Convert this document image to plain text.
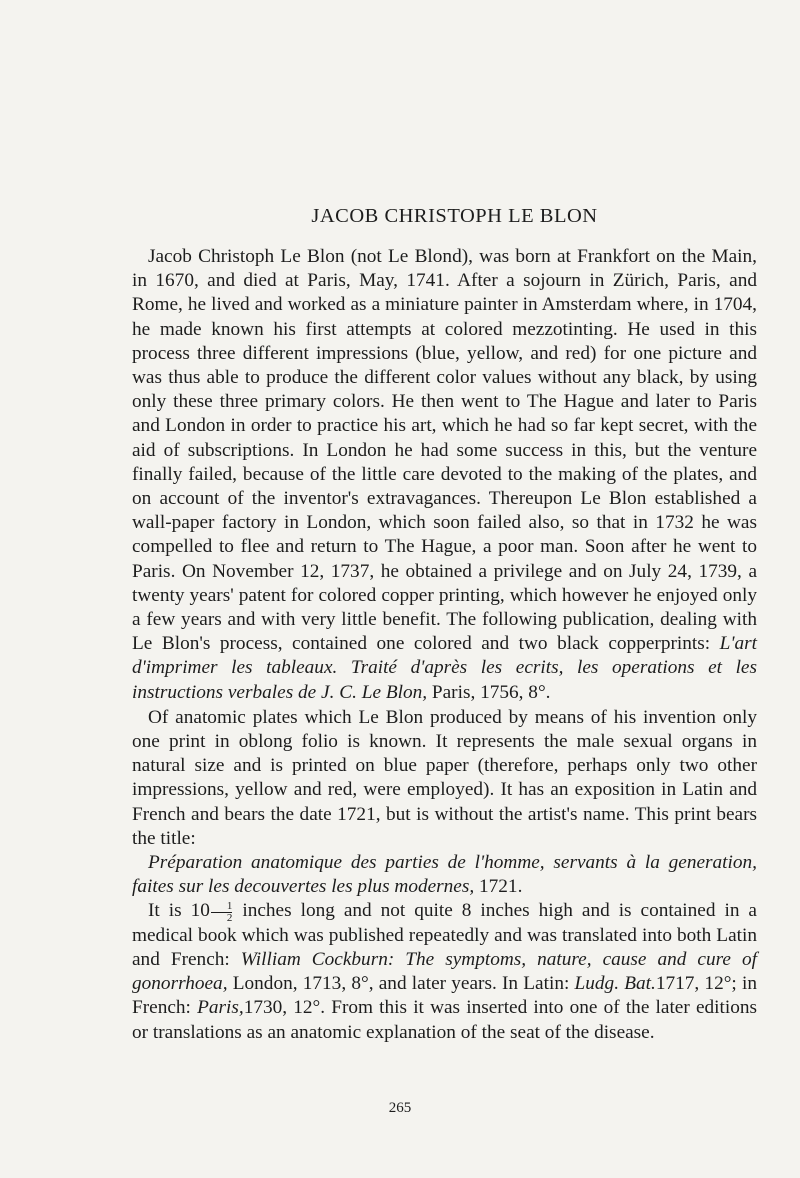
JACOB CHRISTOPH LE BLON

Jacob Christoph Le Blon (not Le Blond), was born at Frankfort on the Main, in 1670, and died at Paris, May, 1741. After a sojourn in Zürich, Paris, and Rome, he lived and worked as a miniature painter in Amsterdam where, in 1704, he made known his first attempts at colored mezzotinting. He used in this process three different impressions (blue, yellow, and red) for one picture and was thus able to produce the different color values without any black, by using only these three primary colors. He then went to The Hague and later to Paris and London in order to practice his art, which he had so far kept secret, with the aid of subscriptions. In London he had some success in this, but the venture finally failed, because of the little care devoted to the making of the plates, and on account of the inventor's extravagances. Thereupon Le Blon established a wall-paper factory in London, which soon failed also, so that in 1732 he was compelled to flee and return to The Hague, a poor man. Soon after he went to Paris. On November 12, 1737, he obtained a privilege and on July 24, 1739, a twenty years' patent for colored copper printing, which however he enjoyed only a few years and with very little benefit. The following publication, dealing with Le Blon's process, contained one colored and two black copperprints: L'art d'imprimer les tableaux. Traité d'après les ecrits, les operations et les instructions verbales de J. C. Le Blon, Paris, 1756, 8°.

Of anatomic plates which Le Blon produced by means of his invention only one print in oblong folio is known. It represents the male sexual organs in natural size and is printed on blue paper (therefore, perhaps only two other impressions, yellow and red, were employed). It has an exposition in Latin and French and bears the date 1721, but is without the artist's name. This print bears the title:

Préparation anatomique des parties de l'homme, servants à la generation, faites sur les decouvertes les plus modernes, 1721.

It is $10 \frac{1}{2}$ inches long and not quite 8 inches high and is contained in a medical book which was published repeatedly and was translated into both Latin and French: William Cockburn: The symptoms, nature, cause and cure of gonorrhoea, London, 1713, 8°, and later years. In Latin: Ludg. Bat.1717, 12°; in French: Paris,1730, 12°. From this it was inserted into one of the later editions or translations as an anatomic explanation of the seat of the disease.

265
